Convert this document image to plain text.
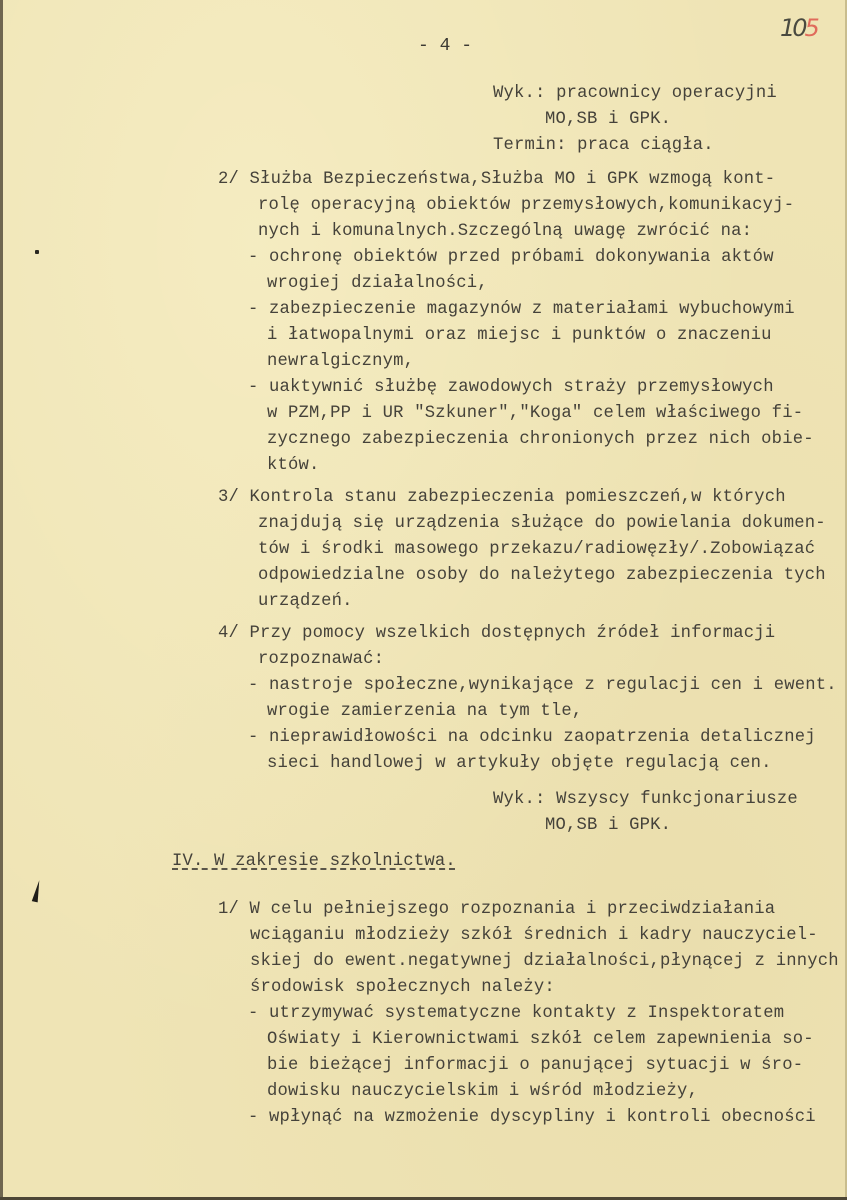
- 4 -
105
Wyk.: pracownicy operacyjni
MO,SB i GPK.
Termin: praca ciągła.
2/ Służba Bezpieczeństwa,Służba MO i GPK wzmogą kont-
rolę operacyjną obiektów przemysłowych,komunikacyj-
nych i komunalnych.Szczególną uwagę zwrócić na:
- ochronę obiektów przed próbami dokonywania aktów
wrogiej działalności,
- zabezpieczenie magazynów z materiałami wybuchowymi
i łatwopalnymi oraz miejsc i punktów o znaczeniu
newralgicznym,
- uaktywnić służbę zawodowych straży przemysłowych
w PZM,PP i UR "Szkuner","Koga" celem właściwego fi-
zycznego zabezpieczenia chronionych przez nich obie-
któw.
3/ Kontrola stanu zabezpieczenia pomieszczeń,w których
znajdują się urządzenia służące do powielania dokumen-
tów i środki masowego przekazu/radiowęzły/.Zobowiązać
odpowiedzialne osoby do należytego zabezpieczenia tych
urządzeń.
4/ Przy pomocy wszelkich dostępnych źródeł informacji
rozpoznawać:
- nastroje społeczne,wynikające z regulacji cen i ewent.
wrogie zamierzenia na tym tle,
- nieprawidłowości na odcinku zaopatrzenia detalicznej
sieci handlowej w artykuły objęte regulacją cen.
Wyk.: Wszyscy funkcjonariusze
MO,SB i GPK.
IV. W zakresie szkolnictwa.
1/ W celu pełniejszego rozpoznania i przeciwdziałania
wciąganiu młodzieży szkół średnich i kadry nauczyciel-
skiej do ewent.negatywnej działalności,płynącej z innych
środowisk społecznych należy:
- utrzymywać systematyczne kontakty z Inspektoratem
Oświaty i Kierownictwami szkół celem zapewnienia so-
bie bieżącej informacji o panującej sytuacji w śro-
dowisku nauczycielskim i wśród młodzieży,
- wpłynąć na wzmożenie dyscypliny i kontroli obecności
